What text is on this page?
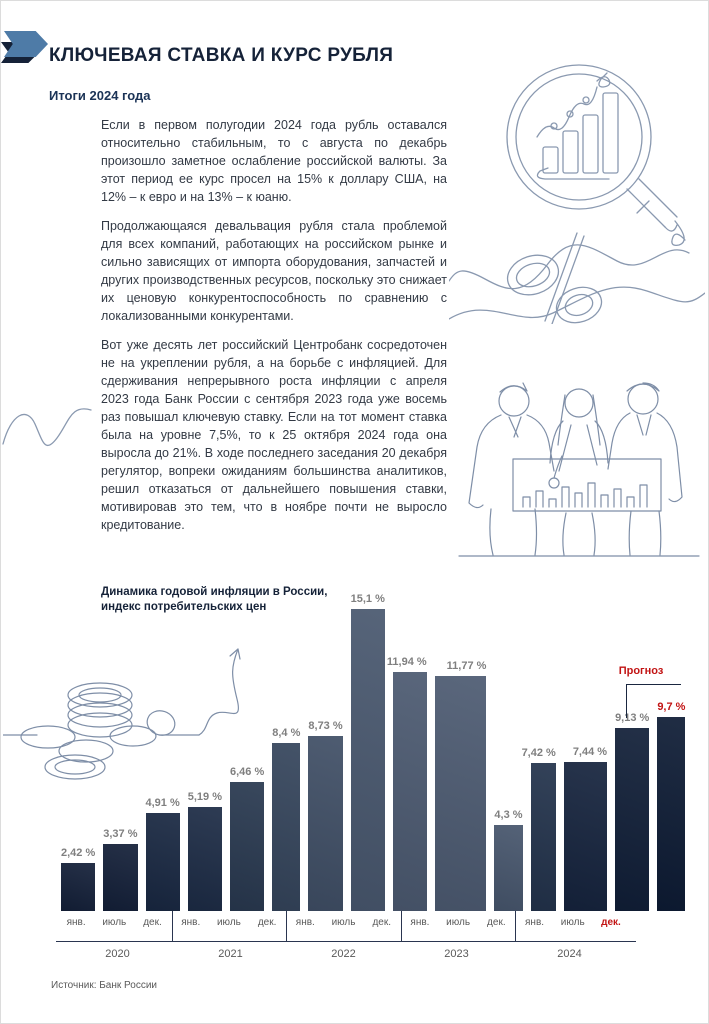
КЛЮЧЕВАЯ СТАВКА И КУРС РУБЛЯ
Итоги 2024 года

Если в первом полугодии 2024 года рубль оставался относительно стабильным, то с августа по декабрь произошло заметное ослабление российской валюты. За этот период ее курс просел на 15% к доллару США, на 12% – к евро и на 13% – к юаню.

Продолжающаяся девальвация рубля стала проблемой для всех компаний, работающих на российском рынке и сильно зависящих от импорта оборудования, запчастей и других производственных ресурсов, поскольку это снижает их ценовую конкурентоспособность по сравнению с локализованными конкурентами.

Вот уже десять лет российский Центробанк сосредоточен не на укреплении рубля, а на борьбе с инфляцией. Для сдерживания непрерывного роста инфляции с апреля 2023 года Банк России с сентября 2023 года уже восемь раз повышал ключевую ставку. Если на тот момент ставка была на уровне 7,5%, то к 25 октября 2024 года она выросла до 21%. В ходе последнего заседания 20 декабря регулятор, вопреки ожиданиям большинства аналитиков, решил отказаться от дальнейшего повышения ставки, мотивировав это тем, что в ноябре почти не выросло кредитование.

Динамика годовой инфляции в России,
индекс потребительских цен
2,42 %
3,37 %
4,91 % 5,19 %
6,46 %
8,4 %
8,73 %
15,1 %
11,94 % 11,77 %
4,3 %
7,42 % 7,44 %
9,13 %
9,7 %
янв.	июль	дек.	янв.	июль	дек.	янв.	июль	дек.	янв.	июль	дек.	янв.	июль	дек.
2020	2021	2022	2023	2024
Прогноз
Источник: Банк России
